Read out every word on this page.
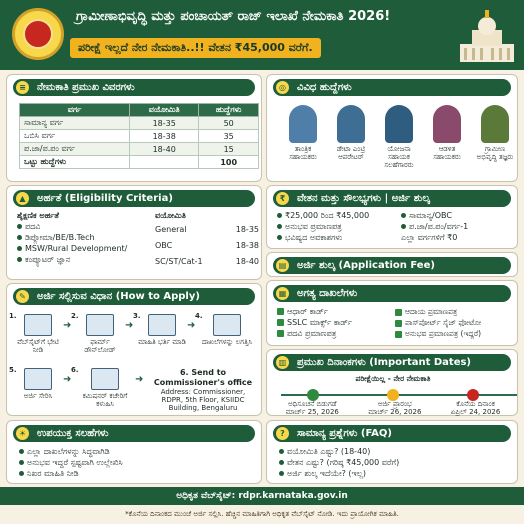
ಗ್ರಾಮೀಣಾಭಿವೃದ್ಧಿ ಮತ್ತು ಪಂಚಾಯತ್ ರಾಜ್ ಇಲಾಖೆ ನೇಮಕಾತಿ 2026!
ಪರೀಕ್ಷೆ ಇಲ್ಲದೆ ನೇರ ನೇಮಕಾತಿ..!! ವೇತನ ₹45,000 ವರೆಗೆ.
≡	ನೇಮಕಾತಿ ಪ್ರಮುಖ ವಿವರಗಳು
ವರ್ಗ	ವಯೋಮಿತಿ	ಹುದ್ದೆಗಳು
ಸಾಮಾನ್ಯ ವರ್ಗ	18-35	50
ಒಬಿಸಿ ವರ್ಗ	18-38	35
ಪ.ಜಾ/ಪ.ಪಂ ವರ್ಗ	18-40	15
ಒಟ್ಟು ಹುದ್ದೆಗಳು		100
◎	ವಿವಿಧ ಹುದ್ದೆಗಳು
ತಾಂತ್ರಿಕ ಸಹಾಯಕರು
ಡೇಟಾ ಎಂಟ್ರಿ ಆಪರೇಟರ್
ಯೋಜನಾ ಸಹಾಯಕ ಸಲಹೆಗಾರರು
ಆಡಳಿತ ಸಹಾಯಕರು
ಗ್ರಾಮೀಣ ಅಭಿವೃದ್ಧಿ ತಜ್ಞರು
▲	ಅರ್ಹತೆ (Eligibility Criteria)
ಶೈಕ್ಷಣಿಕ ಅರ್ಹತೆ
ಪದವಿ
ಡಿಪ್ಲೋಮಾ/BE/B.Tech
MSW/Rural Development/
ಕಂಪ್ಯೂಟರ್ ಜ್ಞಾನ
ವಯೋಮಿತಿ
General	18-35
OBC	18-38
SC/ST/Cat-1	18-40
₹	ವೇತನ ಮತ್ತು ಸೌಲಭ್ಯಗಳು | ಅರ್ಜಿ ಶುಲ್ಕ
₹25,000 ರಿಂದ ₹45,000
ಅನುಭವ ಪ್ರಮಾಣಪತ್ರ
ಭವಿಷ್ಯದ ಅವಕಾಶಗಳು
ಸಾಮಾನ್ಯ/OBC
ಪ.ಜಾ/ಪ.ಪಂ/ವರ್ಗ-1
ಎಲ್ಲಾ ವರ್ಗಗಳಿಗೆ ₹0
▤ ಅರ್ಜಿ ಶುಲ್ಕ (Application Fee)
✎	ಅರ್ಜಿ ಸಲ್ಲಿಸುವ ವಿಧಾನ (How to Apply)
1.
ವೆಬ್‌ಸೈಟ್‌ಗೆ ಭೇಟಿ ನೀಡಿ
➜
2.
ಫಾರ್ಮ್ ಡೌನ್‌ಲೋಡ್
➜
3.
ಮಾಹಿತಿ ಭರ್ತಿ ಮಾಡಿ
➜
4.
ದಾಖಲೆಗಳನ್ನು ಲಗತ್ತಿಸಿ
5.
ಅರ್ಜಿ ಸೇರಿಸಿ
➜
6.
ಕಮಿಷನರ್ ಕಚೇರಿಗೆ ಕಳುಹಿಸಿ
➜
6. Send to Commissioner's office
Address: Commissioner, RDPR, 5th Floor, KSIIDC Building, Bengaluru
▦ ಅಗತ್ಯ ದಾಖಲೆಗಳು
ಆಧಾರ್ ಕಾರ್ಡ್
SSLC ಮಾರ್ಕ್ಸ್ ಕಾರ್ಡ್
ಪದವಿ ಪ್ರಮಾಣಪತ್ರ
ಆದಾಯ ಪ್ರಮಾಣಪತ್ರ
ಪಾಸ್‌ಪೋರ್ಟ್ ಸೈಜ್ ಫೋಟೋ
ಅನುಭವ ಪ್ರಮಾಣಪತ್ರ (ಇದ್ದರೆ)
▥ ಪ್ರಮುಖ ದಿನಾಂಕಗಳು (Important Dates)
ಪರೀಕ್ಷೆಯಿಲ್ಲ - ನೇರ ನೇಮಕಾತಿ
ಅಧಿಸೂಚನೆ ಬಿಡುಗಡೆ
ಮಾರ್ಚ್ 25, 2026
ಅರ್ಜಿ ಪ್ರಾರಂಭ
ಮಾರ್ಚ್ 26, 2026
ಕೊನೆಯ ದಿನಾಂಕ
ಏಪ್ರಿಲ್ 24, 2026
☀ ಉಪಯುಕ್ತ ಸಲಹೆಗಳು
ಎಲ್ಲಾ ದಾಖಲೆಗಳನ್ನು ಸಿದ್ಧವಾಗಿಡಿ
ಅನುಭವ ಇದ್ದರೆ ಸ್ಪಷ್ಟವಾಗಿ ಉಲ್ಲೇಖಿಸಿ
ನಿಖರ ಮಾಹಿತಿ ನೀಡಿ
?	ಸಾಮಾನ್ಯ ಪ್ರಶ್ನೆಗಳು (FAQ)
ವಯೋಮಿತಿ ಎಷ್ಟು? (18-40)
ವೇತನ ಎಷ್ಟು? (ಗರಿಷ್ಠ ₹45,000 ವರೆಗೆ)
ಅರ್ಜಿ ಶುಲ್ಕ ಇದೆಯೇ? (ಇಲ್ಲ)
ಅಧಿಕೃತ ವೆಬ್‌ಸೈಟ್: rdpr.karnataka.gov.in
*ಕೊನೆಯ ದಿನಾಂಕದ ಮುಂಚೆ ಅರ್ಜಿ ಸಲ್ಲಿಸಿ. ಹೆಚ್ಚಿನ ಮಾಹಿತಿಗಾಗಿ ಅಧಿಕೃತ ವೆಬ್‌ಸೈಟ್ ನೋಡಿ. ಇದು ಪ್ರಾಯೋಗಿಕ ಮಾಹಿತಿ.
